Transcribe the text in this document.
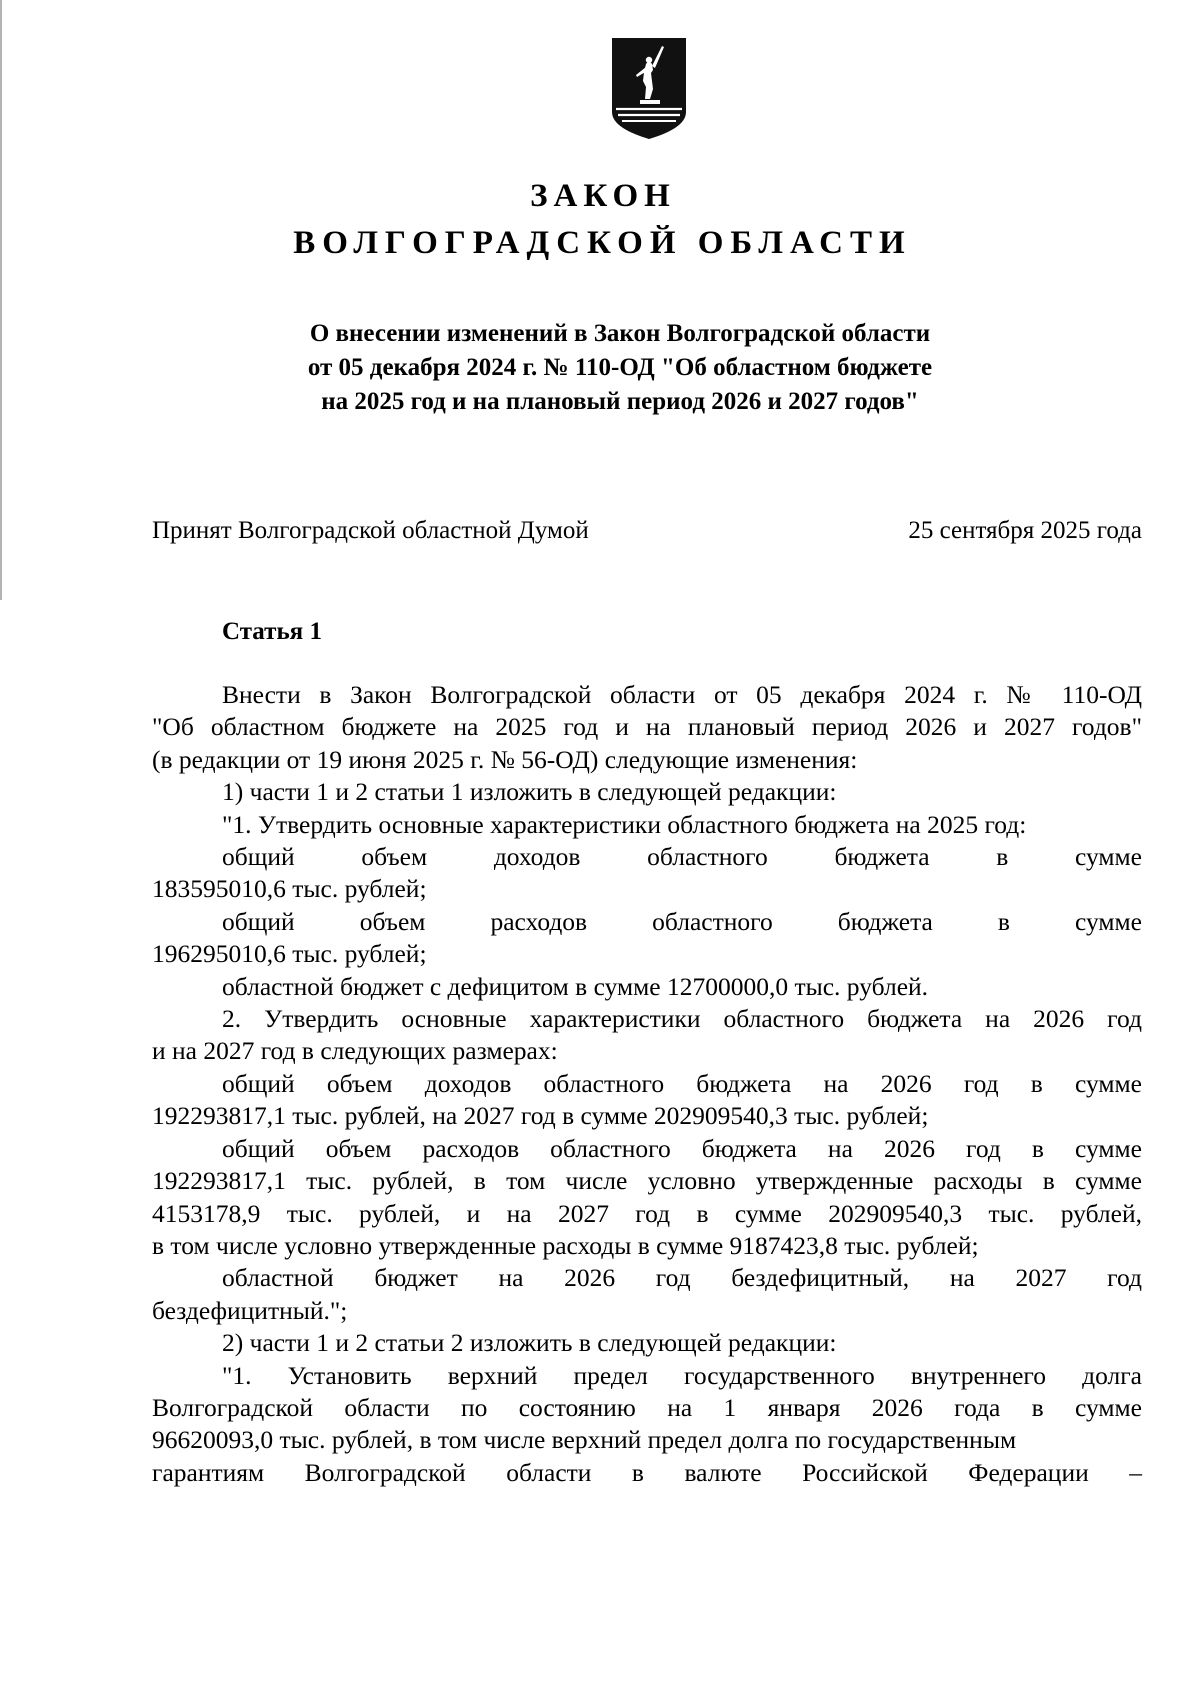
ЗАКОН
ВОЛГОГРАДСКОЙ ОБЛАСТИ
О внесении изменений в Закон Волгоградской области
от 05 декабря 2024 г. № 110-ОД "Об областном бюджете
на 2025 год и на плановый период 2026 и 2027 годов"
Принят Волгоградской областной Думой	25 сентября 2025 года
Статья 1
Внести в Закон Волгоградской области от 05 декабря 2024 г. № 110-ОД
"Об областном бюджете на 2025 год и на плановый период 2026 и 2027 годов"
(в редакции от 19 июня 2025 г. № 56-ОД) следующие изменения:
1) части 1 и 2 статьи 1 изложить в следующей редакции:
"1. Утвердить основные характеристики областного бюджета на 2025 год:
общий объем доходов областного бюджета в сумме
183595010,6 тыс. рублей;
общий объем расходов областного бюджета в сумме
196295010,6 тыс. рублей;
областной бюджет с дефицитом в сумме 12700000,0 тыс. рублей.
2. Утвердить основные характеристики областного бюджета на 2026 год
и на 2027 год в следующих размерах:
общий объем доходов областного бюджета на 2026 год в сумме
192293817,1 тыс. рублей, на 2027 год в сумме 202909540,3 тыс. рублей;
общий объем расходов областного бюджета на 2026 год в сумме
192293817,1 тыс. рублей, в том числе условно утвержденные расходы в сумме
4153178,9 тыс. рублей, и на 2027 год в сумме 202909540,3 тыс. рублей,
в том числе условно утвержденные расходы в сумме 9187423,8 тыс. рублей;
областной бюджет на 2026 год бездефицитный, на 2027 год
бездефицитный.";
2) части 1 и 2 статьи 2 изложить в следующей редакции:
"1. Установить верхний предел государственного внутреннего долга
Волгоградской области по состоянию на 1 января 2026 года в сумме
96620093,0 тыс. рублей, в том числе верхний предел долга по государственным
гарантиям Волгоградской области в валюте Российской Федерации –
